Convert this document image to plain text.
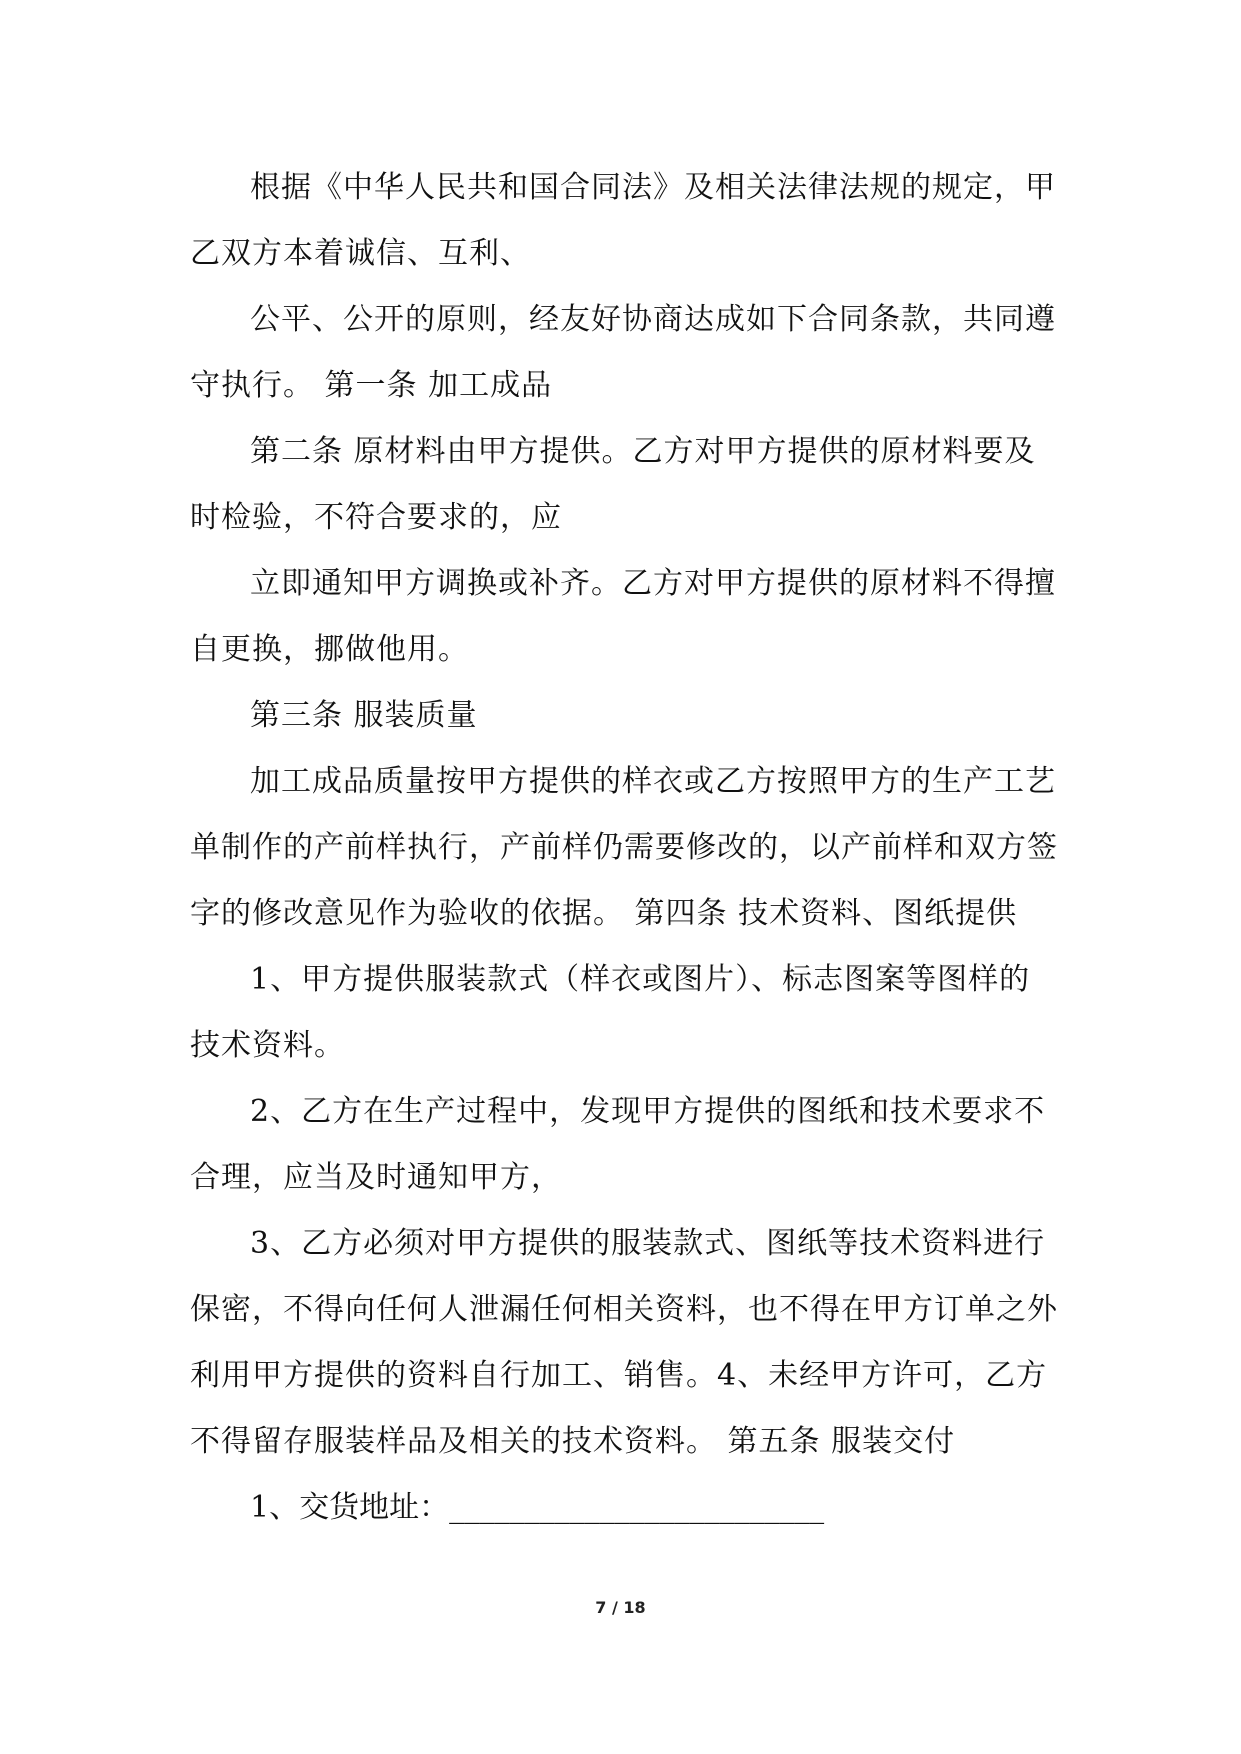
根据《中华人民共和国合同法》及相关法律法规的规定，甲乙双方本着诚信、互利、

公平、公开的原则，经友好协商达成如下合同条款，共同遵守执行。 第一条 加工成品

第二条 原材料由甲方提供。乙方对甲方提供的原材料要及时检验，不符合要求的，应

立即通知甲方调换或补齐。乙方对甲方提供的原材料不得擅自更换，挪做他用。

第三条 服装质量

加工成品质量按甲方提供的样衣或乙方按照甲方的生产工艺单制作的产前样执行，产前样仍需要修改的，以产前样和双方签字的修改意见作为验收的依据。 第四条 技术资料、图纸提供

1、甲方提供服装款式（样衣或图片）、标志图案等图样的技术资料。

2、乙方在生产过程中，发现甲方提供的图纸和技术要求不合理，应当及时通知甲方，

3、乙方必须对甲方提供的服装款式、图纸等技术资料进行保密，不得向任何人泄漏任何相关资料，也不得在甲方订单之外利用甲方提供的资料自行加工、销售。4、未经甲方许可，乙方不得留存服装样品及相关的技术资料。 第五条 服装交付

1、交货地址：_________________________

7 / 18
